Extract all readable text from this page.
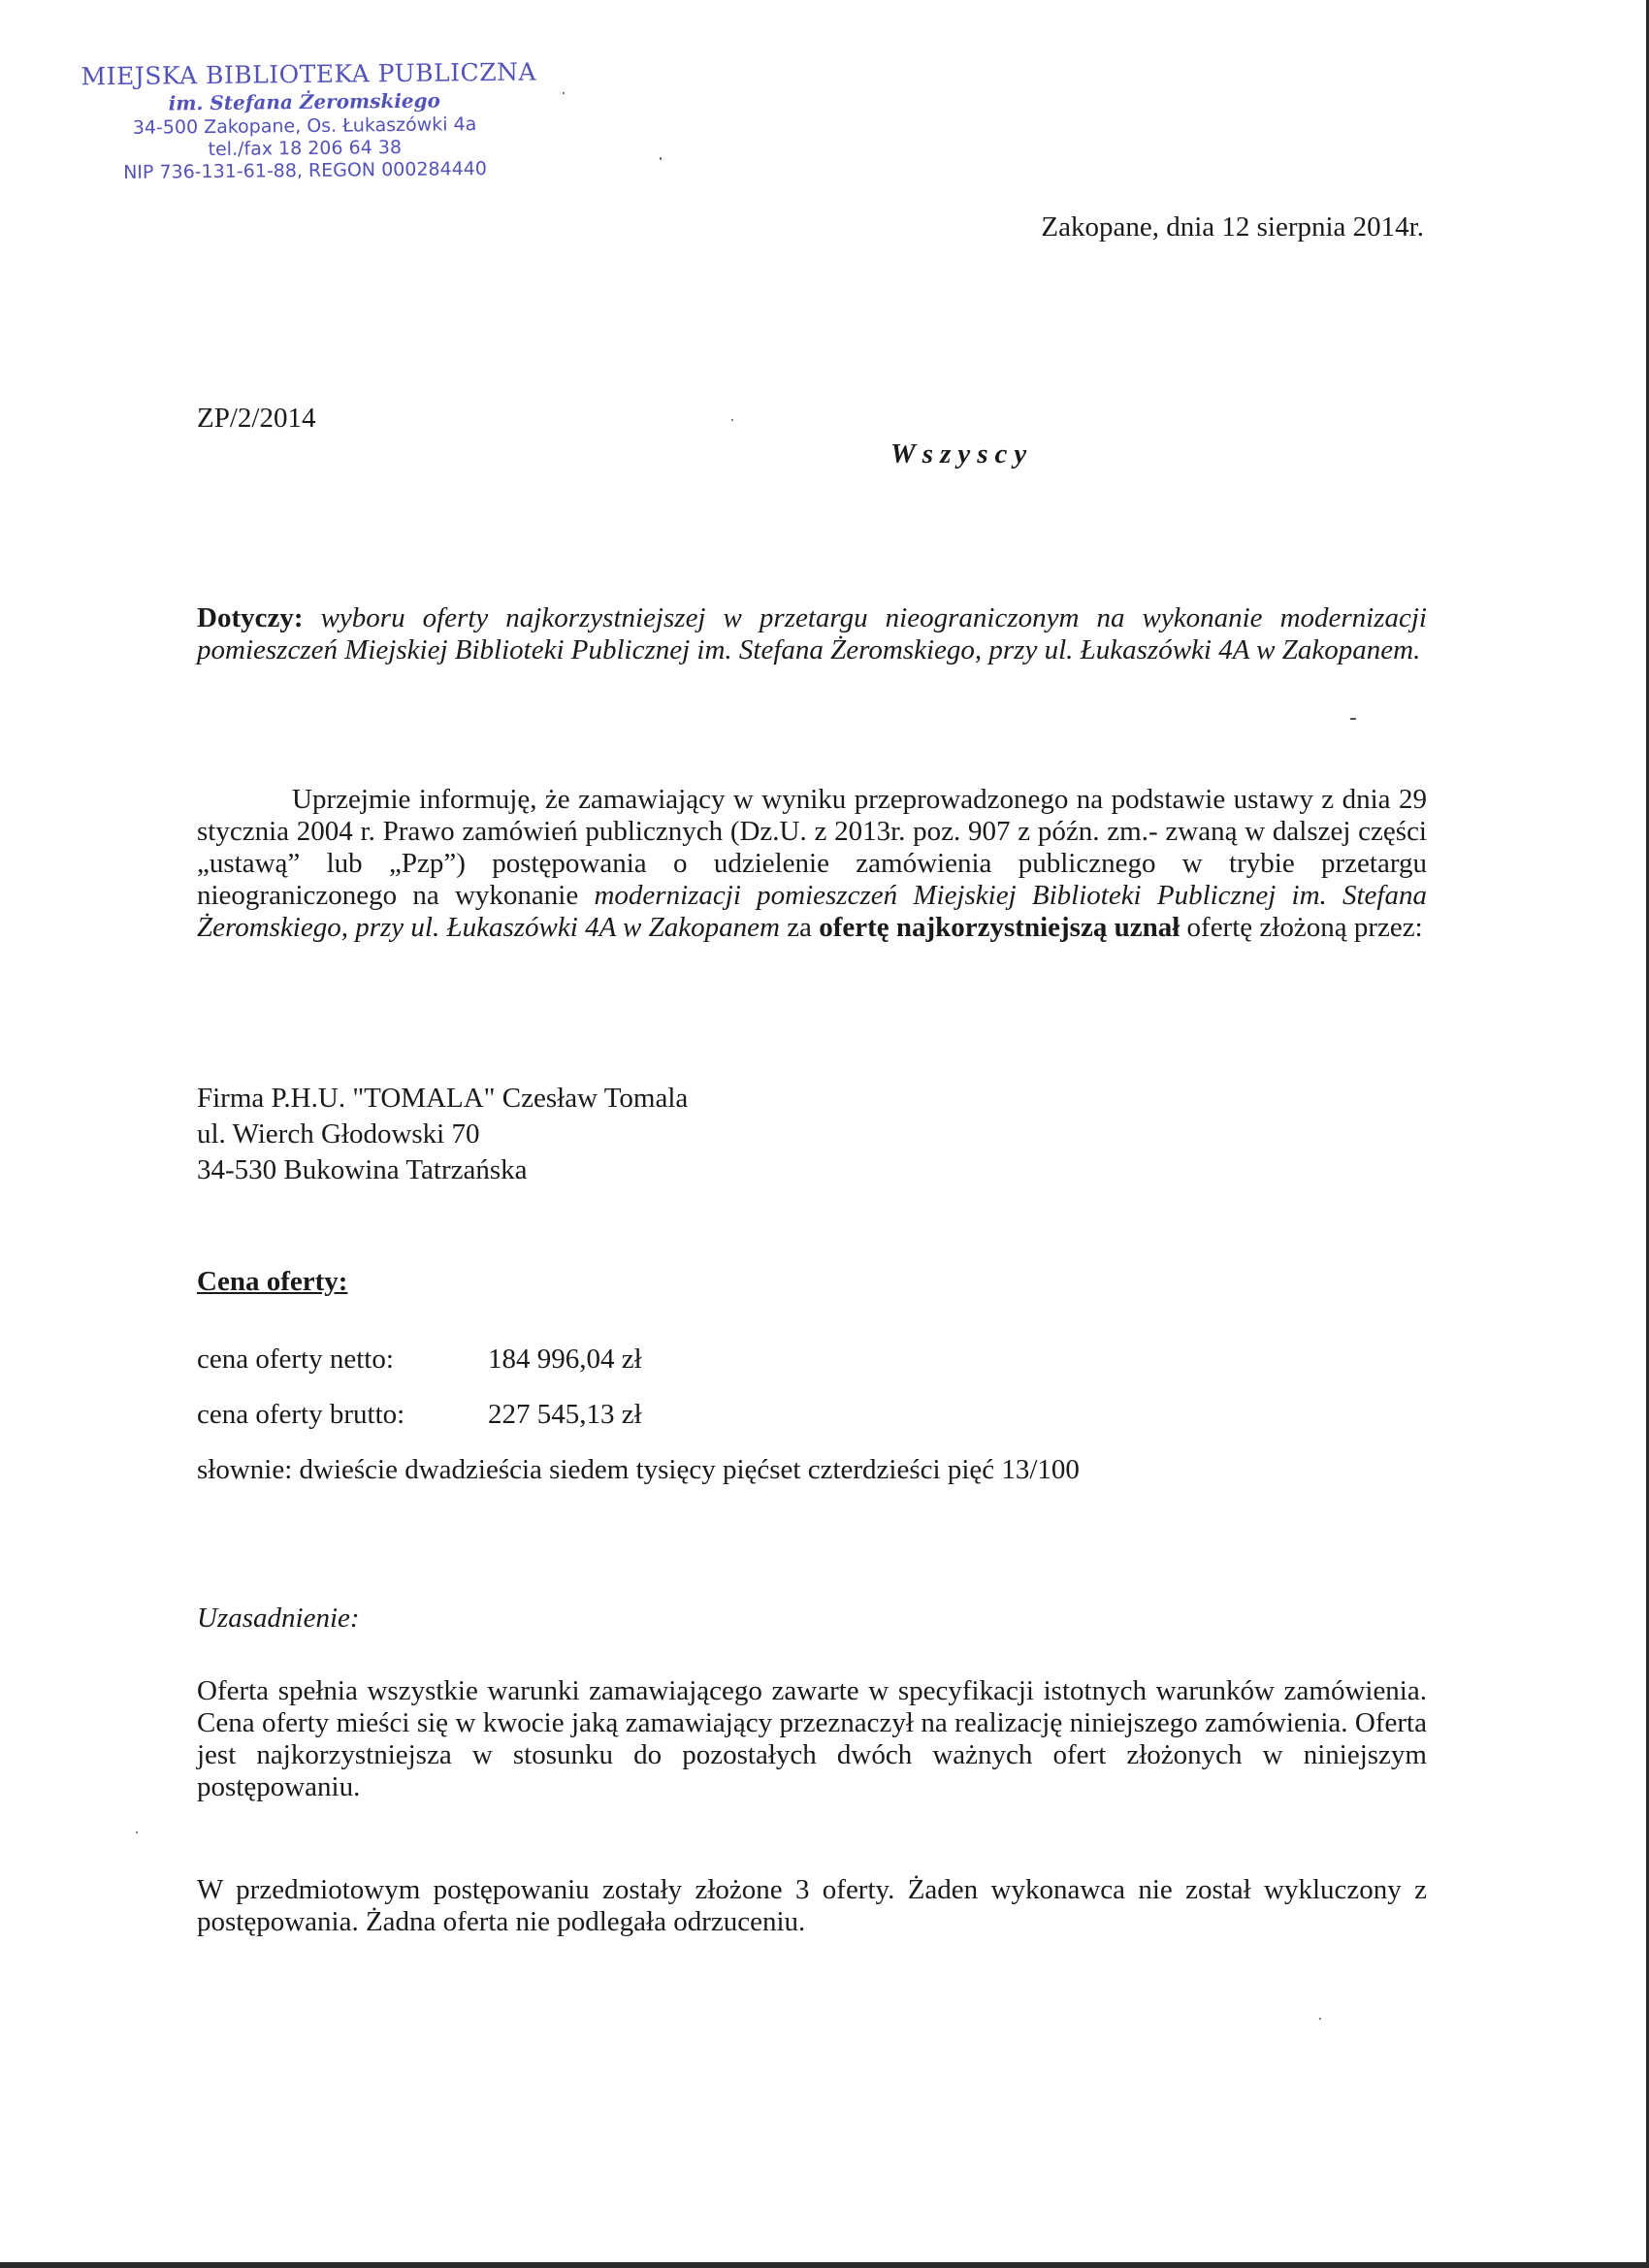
MIEJSKA BIBLIOTEKA PUBLICZNA
im. Stefana Żeromskiego
34-500 Zakopane, Os. Łukaszówki 4a
tel./fax 18 206 64 38
NIP 736-131-61-88, REGON 000284440
Zakopane, dnia 12 sierpnia 2014r.
ZP/2/2014
Wszyscy
Dotyczy: wyboru oferty najkorzystniejszej w przetargu nieograniczonym na wykonanie modernizacji pomieszczeń Miejskiej Biblioteki Publicznej im. Stefana Żeromskiego, przy ul. Łukaszówki 4A w Zakopanem.
Uprzejmie informuję, że zamawiający w wyniku przeprowadzonego na podstawie ustawy z dnia 29 stycznia 2004 r. Prawo zamówień publicznych (Dz.U. z 2013r. poz. 907 z późn. zm.- zwaną w dalszej części „ustawą” lub „Pzp”) postępowania o udzielenie zamówienia publicznego w trybie przetargu nieograniczonego na wykonanie modernizacji pomieszczeń Miejskiej Biblioteki Publicznej im. Stefana Żeromskiego, przy ul. Łukaszówki 4A w Zakopanem za ofertę najkorzystniejszą uznał ofertę złożoną przez:
Firma P.H.U. "TOMALA" Czesław Tomala
ul. Wierch Głodowski 70
34-530 Bukowina Tatrzańska
Cena oferty:
cena oferty netto:	184 996,04 zł
cena oferty brutto:	227 545,13 zł
słownie: dwieście dwadzieścia siedem tysięcy pięćset czterdzieści pięć 13/100
Uzasadnienie:
Oferta spełnia wszystkie warunki zamawiającego zawarte w specyfikacji istotnych warunków zamówienia. Cena oferty mieści się w kwocie jaką zamawiający przeznaczył na realizację niniejszego zamówienia. Oferta jest najkorzystniejsza w stosunku do pozostałych dwóch ważnych ofert złożonych w niniejszym postępowaniu.
W przedmiotowym postępowaniu zostały złożone 3 oferty. Żaden wykonawca nie został wykluczony z postępowania. Żadna oferta nie podlegała odrzuceniu.
